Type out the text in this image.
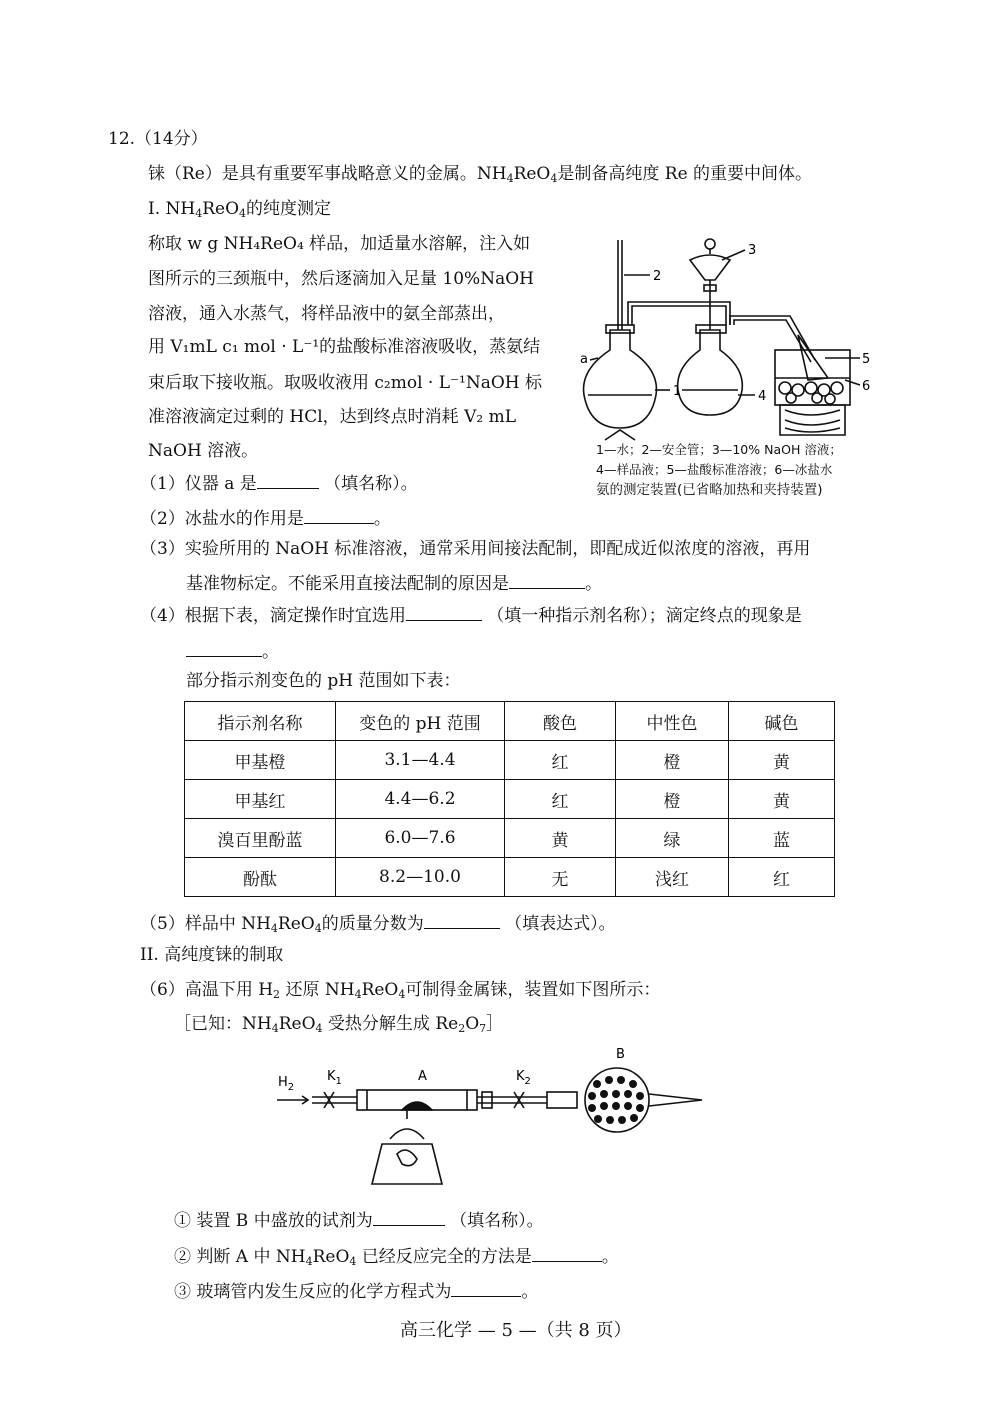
12.（14分）
铼（Re）是具有重要军事战略意义的金属。$NH_4ReO_4$是制备高纯度 Re 的重要中间体。
I. $NH_4ReO_4$的纯度测定
称取 w g NH₄ReO₄ 样品，加适量水溶解，注入如
图所示的三颈瓶中，然后逐滴加入足量 10%NaOH
溶液，通入水蒸气，将样品液中的氨全部蒸出，
用 V₁mL c₁ mol · L⁻¹的盐酸标准溶液吸收，蒸氨结
束后取下接收瓶。取吸收液用 c₂mol · L⁻¹NaOH 标
准溶液滴定过剩的 HCl，达到终点时消耗 V₂ mL
NaOH 溶液。
2
3
1	4
5
6
a
1—水；2—安全管；3—10% NaOH 溶液；
4—样品液；5—盐酸标准溶液；6—冰盐水
氨的测定装置(已省略加热和夹持装置)
（1）仪器 a 是	（填名称）。
（2）冰盐水的作用是	。
（3）实验所用的 NaOH 标准溶液，通常采用间接法配制，即配成近似浓度的溶液，再用
基准物标定。不能采用直接法配制的原因是	。
（4）根据下表，滴定操作时宜选用	（填一种指示剂名称）；滴定终点的现象是
。
部分指示剂变色的 pH 范围如下表：
指示剂名称	变色的 pH 范围	酸色	中性色	碱色
甲基橙	3.1—4.4	红	橙	黄
甲基红	4.4—6.2	红	橙	黄
溴百里酚蓝	6.0—7.6	黄	绿	蓝
酚酞	8.2—10.0	无	浅红	红
（5）样品中 $NH_4ReO_4$的质量分数为	（填表达式）。
II. 高纯度铼的制取
（6）高温下用 $H_2$ 还原 $NH_4ReO_4$可制得金属铼，装置如下图所示：
［已知：$NH_4ReO_4$ 受热分解生成 $Re_2O_7]$
$H_2$
$K_1$	A	$K_2$
B
① 装置 B 中盛放的试剂为	（填名称）。
② 判断 A 中 $NH_4ReO_4$ 已经反应完全的方法是	。
③ 玻璃管内发生反应的化学方程式为	。
高三化学 — 5 —（共 8 页）
